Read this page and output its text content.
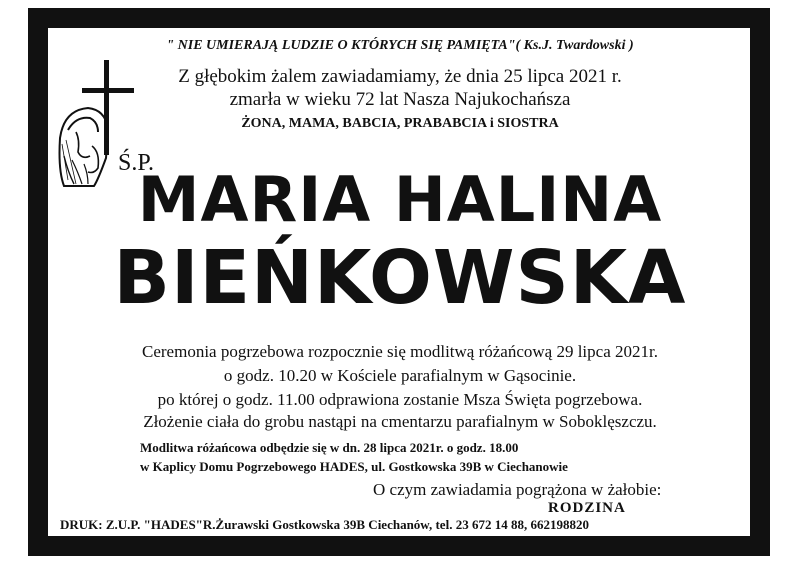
" NIE UMIERAJĄ LUDZIE O KTÓRYCH SIĘ PAMIĘTA"( Ks.J. Twardowski )
Z głębokim żalem zawiadamiamy, że dnia 25 lipca 2021 r.
zmarła w wieku 72 lat Nasza Najukochańsza
ŻONA, MAMA, BABCIA, PRABABCIA i SIOSTRA
Ś.P.
MARIA HALINA
BIEŃKOWSKA
Ceremonia pogrzebowa rozpocznie się modlitwą różańcową 29 lipca 2021r.
o godz. 10.20 w Kościele parafialnym w Gąsocinie.
po której o godz. 11.00 odprawiona zostanie Msza Święta pogrzebowa.
Złożenie ciała do grobu nastąpi na cmentarzu parafialnym w Soboklęszczu.
Modlitwa różańcowa odbędzie się w dn. 28 lipca 2021r. o godz. 18.00
w Kaplicy Domu Pogrzebowego HADES, ul. Gostkowska 39B w Ciechanowie
O czym zawiadamia pogrążona w żałobie:
RODZINA
DRUK: Z.U.P. "HADES"R.Żurawski Gostkowska 39B Ciechanów, tel. 23 672 14 88, 662198820
